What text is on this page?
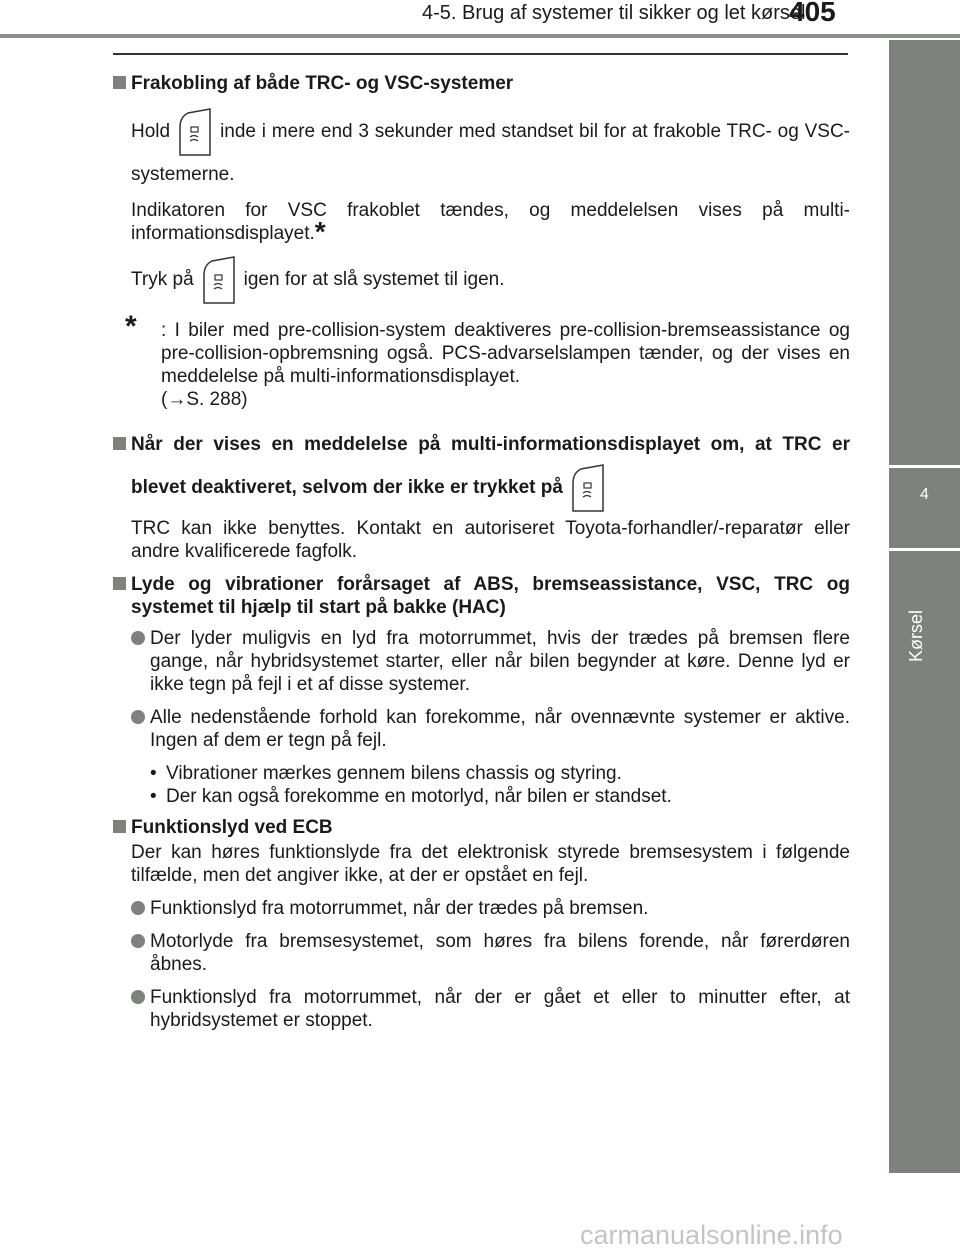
4-5. Brug af systemer til sikker og let kørsel
405
4
Kørsel
Frakobling af både TRC- og VSC-systemer
Hold	inde i mere end 3 sekunder med standset bil for at frakoble TRC- og VSC-systemerne.
Indikatoren for VSC frakoblet tændes, og meddelelsen vises på multi-informationsdisplayet.*
Tryk på	igen for at slå systemet til igen.
* : I biler med pre-collision-system deaktiveres pre-collision-bremseassistance og pre-collision-opbremsning også. PCS-advarselslampen tænder, og der vises en meddelelse på multi-informationsdisplayet.
(→S. 288)
Når der vises en meddelelse på multi-informationsdisplayet om, at TRC er blevet deaktiveret, selvom der ikke er trykket på
TRC kan ikke benyttes. Kontakt en autoriseret Toyota-forhandler/-reparatør eller andre kvalificerede fagfolk.
Lyde og vibrationer forårsaget af ABS, bremseassistance, VSC, TRC og systemet til hjælp til start på bakke (HAC)
Der lyder muligvis en lyd fra motorrummet, hvis der trædes på bremsen flere gange, når hybridsystemet starter, eller når bilen begynder at køre. Denne lyd er ikke tegn på fejl i et af disse systemer.
Alle nedenstående forhold kan forekomme, når ovennævnte systemer er aktive. Ingen af dem er tegn på fejl.
• Vibrationer mærkes gennem bilens chassis og styring.
• Der kan også forekomme en motorlyd, når bilen er standset.
Funktionslyd ved ECB
Der kan høres funktionslyde fra det elektronisk styrede bremsesystem i følgende tilfælde, men det angiver ikke, at der er opstået en fejl.
Funktionslyd fra motorrummet, når der trædes på bremsen.
Motorlyde fra bremsesystemet, som høres fra bilens forende, når førerdøren åbnes.
Funktionslyd fra motorrummet, når der er gået et eller to minutter efter, at hybridsystemet er stoppet.
carmanualsonline.info
